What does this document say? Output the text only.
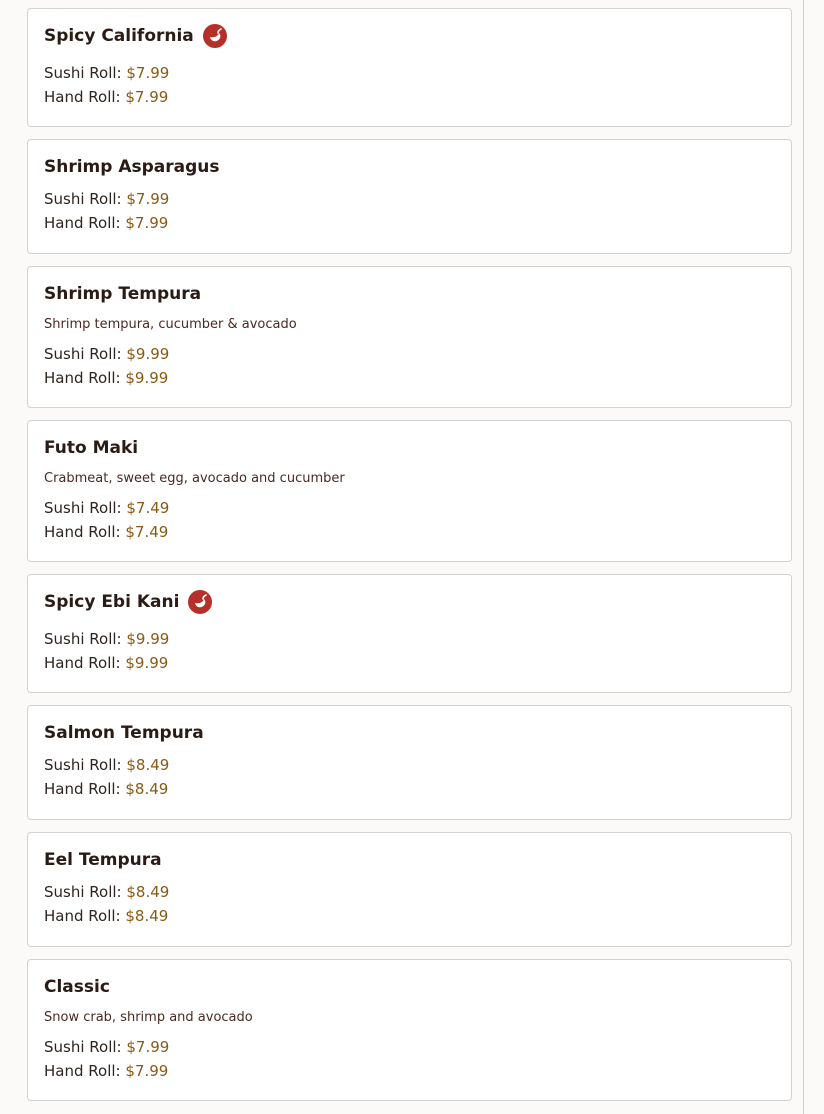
Spicy California
Sushi Roll: $7.99
Hand Roll: $7.99
Shrimp Asparagus
Sushi Roll: $7.99
Hand Roll: $7.99
Shrimp Tempura
Shrimp tempura, cucumber & avocado
Sushi Roll: $9.99
Hand Roll: $9.99
Futo Maki
Crabmeat, sweet egg, avocado and cucumber
Sushi Roll: $7.49
Hand Roll: $7.49
Spicy Ebi Kani
Sushi Roll: $9.99
Hand Roll: $9.99
Salmon Tempura
Sushi Roll: $8.49
Hand Roll: $8.49
Eel Tempura
Sushi Roll: $8.49
Hand Roll: $8.49
Classic
Snow crab, shrimp and avocado
Sushi Roll: $7.99
Hand Roll: $7.99
